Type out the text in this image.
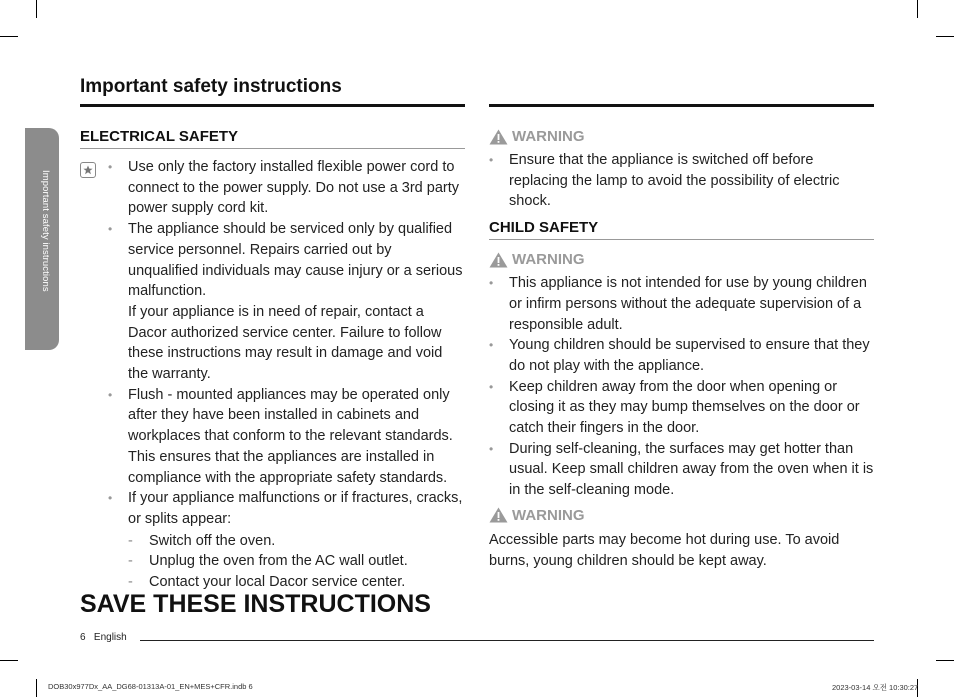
Important safety instructions
Important safety instructions
ELECTRICAL SAFETY

• Use only the factory installed flexible power cord to connect to the power supply. Do not use a 3rd party power supply cord kit.

• The appliance should be serviced only by qualified service personnel. Repairs carried out by unqualified individuals may cause injury or a serious malfunction.

If your appliance is in need of repair, contact a Dacor authorized service center. Failure to follow these instructions may result in damage and void the warranty.

• Flush - mounted appliances may be operated only after they have been installed in cabinets and workplaces that conform to the relevant standards. This ensures that the appliances are installed in compliance with the appropriate safety standards.

• If your appliance malfunctions or if fractures, cracks, or splits appear:

- Switch off the oven.
- Unplug the oven from the AC wall outlet.
- Contact your local Dacor service center.
WARNING

• Ensure that the appliance is switched off before replacing the lamp to avoid the possibility of electric shock.

CHILD SAFETY
WARNING

• This appliance is not intended for use by young children or infirm persons without the adequate supervision of a responsible adult.

• Young children should be supervised to ensure that they do not play with the appliance.

• Keep children away from the door when opening or closing it as they may bump themselves on the door or catch their fingers in the door.

• During self-cleaning, the surfaces may get hotter than usual. Keep small children away from the oven when it is in the self-cleaning mode.

WARNING

Accessible parts may become hot during use. To avoid burns, young children should be kept away.

SAVE THESE INSTRUCTIONS
6 English
DOB30x977Dx_AA_DG68-01313A-01_EN+MES+CFR.indb 6	2023-03-14 오전 10:30:27
